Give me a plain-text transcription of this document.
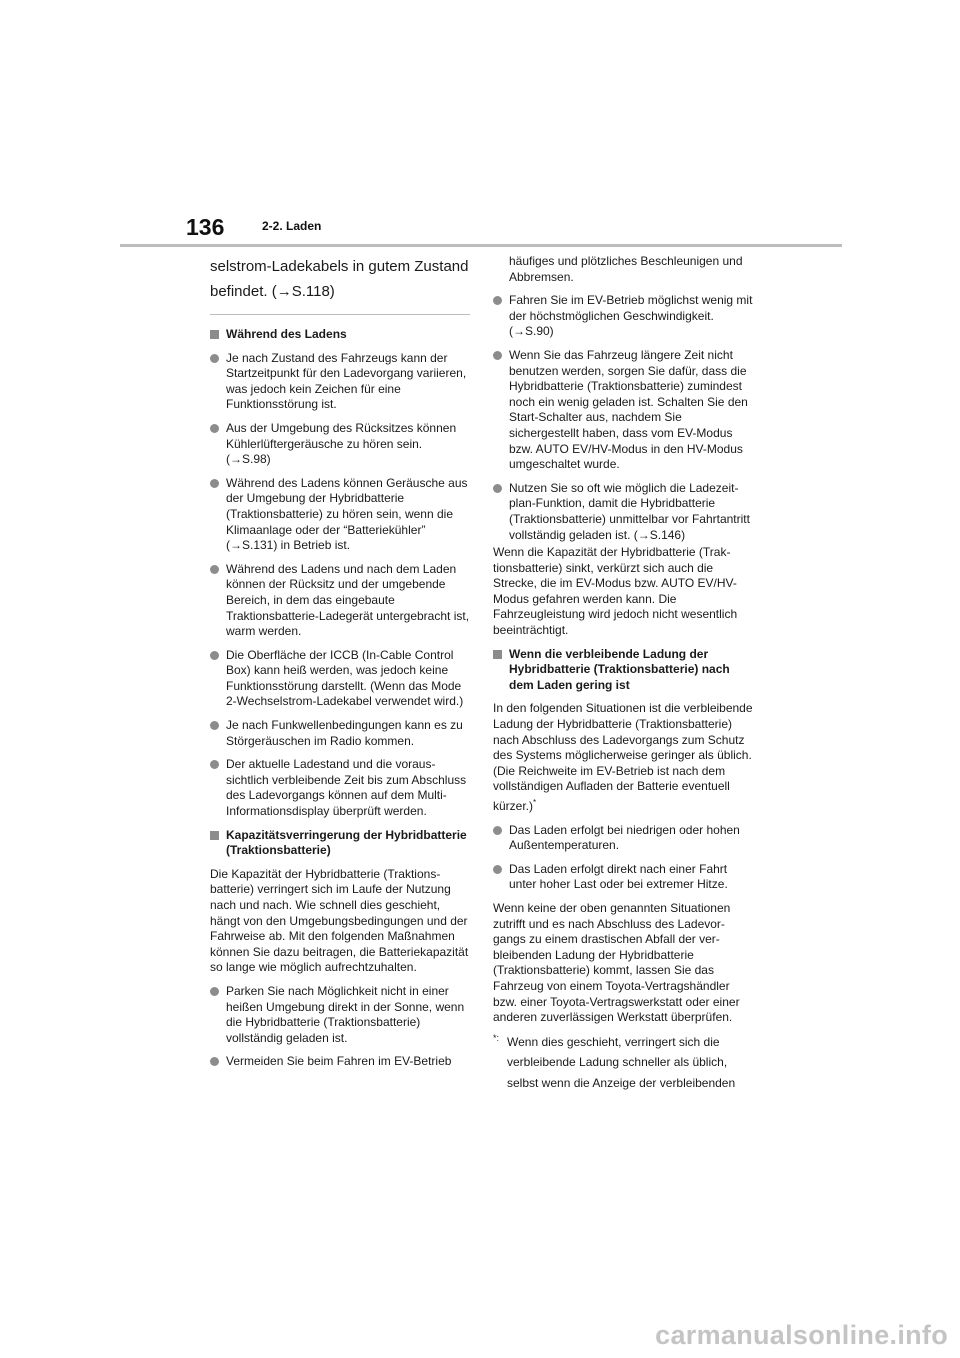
136	2-2. Laden

selstrom-Ladekabels in gutem Zustand befindet. (→S.118)

Während des Ladens
Je nach Zustand des Fahrzeugs kann der Startzeitpunkt für den Ladevorgang variieren, was jedoch kein Zeichen für eine Funktionsstörung ist.
Aus der Umgebung des Rücksitzes können Kühlerlüftergeräusche zu hören sein. (→S.98)
Während des Ladens können Geräusche aus der Umgebung der Hybridbatterie (Traktionsbatterie) zu hören sein, wenn die Klimaanlage oder der “Batteriekühler” (→S.131) in Betrieb ist.
Während des Ladens und nach dem Laden können der Rücksitz und der umgebende Bereich, in dem das eingebaute Traktionsbatterie-Ladegerät untergebracht ist, warm werden.
Die Oberfläche der ICCB (In-Cable Control Box) kann heiß werden, was jedoch keine Funktionsstörung darstellt. (Wenn das Mode 2-Wechselstrom-Ladekabel verwendet wird.)
Je nach Funkwellenbedingungen kann es zu Störgeräuschen im Radio kommen.
Der aktuelle Ladestand und die voraussichtlich verbleibende Zeit bis zum Abschluss des Ladevorgangs können auf dem Multi-Informationsdisplay überprüft werden.
Kapazitätsverringerung der Hybridbatterie (Traktionsbatterie)

Die Kapazität der Hybridbatterie (Traktionsbatterie) verringert sich im Laufe der Nutzung nach und nach. Wie schnell dies geschieht, hängt von den Umgebungsbedingungen und der Fahrweise ab. Mit den folgenden Maßnahmen können Sie dazu beitragen, die Batteriekapazität so lange wie möglich aufrechtzuhalten.

Parken Sie nach Möglichkeit nicht in einer heißen Umgebung direkt in der Sonne, wenn die Hybridbatterie (Traktionsbatterie) vollständig geladen ist.
Vermeiden Sie beim Fahren im EV-Betrieb

häufiges und plötzliches Beschleunigen und Abbremsen.

Fahren Sie im EV-Betrieb möglichst wenig mit der höchstmöglichen Geschwindigkeit. (→S.90)
Wenn Sie das Fahrzeug längere Zeit nicht benutzen werden, sorgen Sie dafür, dass die Hybridbatterie (Traktionsbatterie) zumindest noch ein wenig geladen ist. Schalten Sie den Start-Schalter aus, nachdem Sie sichergestellt haben, dass vom EV-Modus bzw. AUTO EV/HV-Modus in den HV-Modus umgeschaltet wurde.
Nutzen Sie so oft wie möglich die Ladezeitplan-Funktion, damit die Hybridbatterie (Traktionsbatterie) unmittelbar vor Fahrtantritt vollständig geladen ist. (→S.146)

Wenn die Kapazität der Hybridbatterie (Traktionsbatterie) sinkt, verkürzt sich auch die Strecke, die im EV-Modus bzw. AUTO EV/HV-Modus gefahren werden kann. Die Fahrzeugleistung wird jedoch nicht wesentlich beeinträchtigt.

Wenn die verbleibende Ladung der Hybridbatterie (Traktionsbatterie) nach dem Laden gering ist

In den folgenden Situationen ist die verbleibende Ladung der Hybridbatterie (Traktionsbatterie) nach Abschluss des Ladevorgangs zum Schutz des Systems möglicherweise geringer als üblich. (Die Reichweite im EV-Betrieb ist nach dem vollständigen Aufladen der Batterie eventuell kürzer.)*

Das Laden erfolgt bei niedrigen oder hohen Außentemperaturen.
Das Laden erfolgt direkt nach einer Fahrt unter hoher Last oder bei extremer Hitze.

Wenn keine der oben genannten Situationen zutrifft und es nach Abschluss des Ladevorgangs zu einem drastischen Abfall der verbleibenden Ladung der Hybridbatterie (Traktionsbatterie) kommt, lassen Sie das Fahrzeug von einem Toyota-Vertragshändler bzw. einer Toyota-Vertragswerkstatt oder einer anderen zuverlässigen Werkstatt überprüfen.

*: Wenn dies geschieht, verringert sich die verbleibende Ladung schneller als üblich, selbst wenn die Anzeige der verbleibenden
carmanualsonline.info
